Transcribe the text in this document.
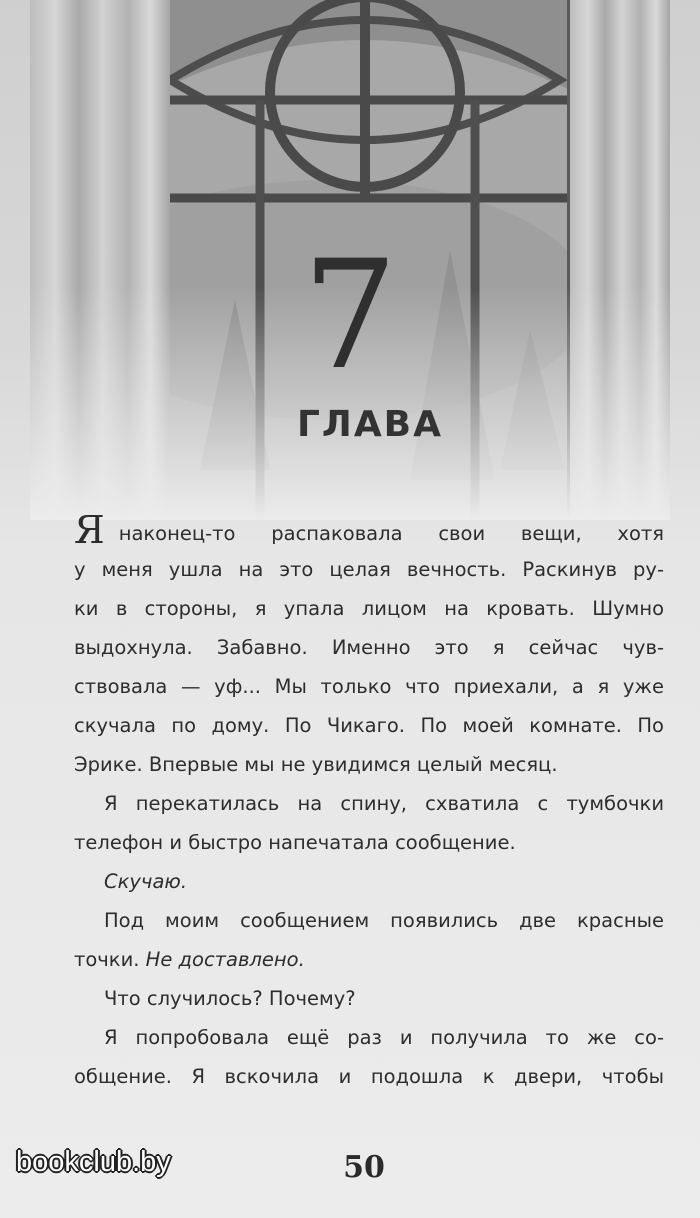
7
ГЛАВА
Янаконец-то распаковала свои вещи, хотя
у меня ушла на это целая вечность. Раскинув ру-
ки в стороны, я упала лицом на кровать. Шумно
выдохнула. Забавно. Именно это я сейчас чув-
ствовала — уф... Мы только что приехали, а я уже
скучала по дому. По Чикаго. По моей комнате. По
Эрике. Впервые мы не увидимся целый месяц.
Я перекатилась на спину, схватила с тумбочки
телефон и быстро напечатала сообщение.
Скучаю.
Под моим сообщением появились две красные
точки. Не доставлено.
Что случилось? Почему?
Я попробовала ещё раз и получила то же со-
общение. Я вскочила и подошла к двери, чтобы
50
bookclub.by
